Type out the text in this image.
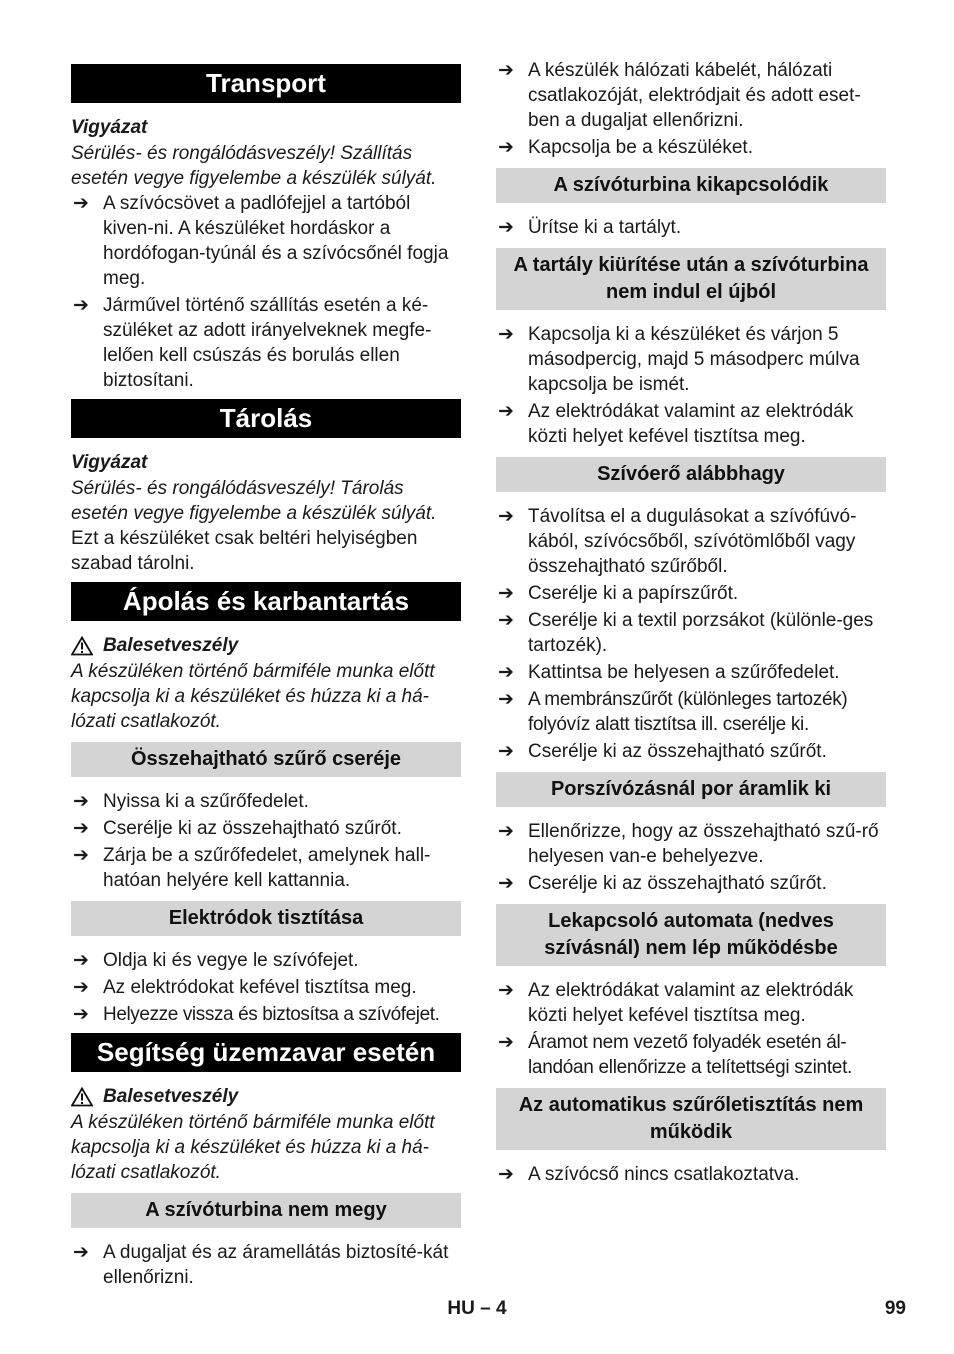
Transport
Vigyázat
Sérülés- és rongálódásveszély! Szállítás esetén vegye figyelembe a készülék súlyát.
➔ A szívócsövet a padlófejjel a tartóból kiven-ni. A készüléket hordáskor a hordófogan-tyúnál és a szívócsőnél fogja meg.
➔ Járművel történő szállítás esetén a ké-szüléket az adott irányelveknek megfe-lelően kell csúszás és borulás ellen biztosítani.
Tárolás
Vigyázat
Sérülés- és rongálódásveszély! Tárolás esetén vegye figyelembe a készülék súlyát.
Ezt a készüléket csak beltéri helyiségben szabad tárolni.
Ápolás és karbantartás
Balesetveszély
A készüléken történő bármiféle munka előtt kapcsolja ki a készüléket és húzza ki a há-lózati csatlakozót.
Összehajtható szűrő cseréje
➔ Nyissa ki a szűrőfedelet.
➔ Cserélje ki az összehajtható szűrőt.
➔ Zárja be a szűrőfedelet, amelynek hall-hatóan helyére kell kattannia.
Elektródok tisztítása
➔ Oldja ki és vegye le szívófejet.
➔ Az elektródokat kefével tisztítsa meg.
➔ Helyezze vissza és biztosítsa a szívófejet.
Segítség üzemzavar esetén
Balesetveszély
A készüléken történő bármiféle munka előtt kapcsolja ki a készüléket és húzza ki a há-lózati csatlakozót.
A szívóturbina nem megy
➔ A dugaljat és az áramellátás biztosíté-kát ellenőrizni.
➔ A készülék hálózati kábelét, hálózati csatlakozóját, elektródjait és adott eset-ben a dugaljat ellenőrizni.
➔ Kapcsolja be a készüléket.
A szívóturbina kikapcsolódik
➔ Ürítse ki a tartályt.
A tartály kiürítése után a szívóturbina nem indul el újból
➔ Kapcsolja ki a készüléket és várjon 5 másodpercig, majd 5 másodperc múlva kapcsolja be ismét.
➔ Az elektródákat valamint az elektródák közti helyet kefével tisztítsa meg.
Szívóerő alábbhagy
➔ Távolítsa el a dugulásokat a szívófúvó-kából, szívócsőből, szívótömlőből vagy összehajtható szűrőből.
➔ Cserélje ki a papírszűrőt.
➔ Cserélje ki a textil porzsákot (különle-ges tartozék).
➔ Kattintsa be helyesen a szűrőfedelet.
➔ A membránszűrőt (különleges tartozék) folyóvíz alatt tisztítsa ill. cserélje ki.
➔ Cserélje ki az összehajtható szűrőt.
Porszívózásnál por áramlik ki
➔ Ellenőrizze, hogy az összehajtható szű-rő helyesen van-e behelyezve.
➔ Cserélje ki az összehajtható szűrőt.
Lekapcsoló automata (nedves szívásnál) nem lép működésbe
➔ Az elektródákat valamint az elektródák közti helyet kefével tisztítsa meg.
➔ Áramot nem vezető folyadék esetén ál-landóan ellenőrizze a telítettségi szintet.
Az automatikus szűrőletisztítás nem működik
➔ A szívócső nincs csatlakoztatva.
HU – 4	99
